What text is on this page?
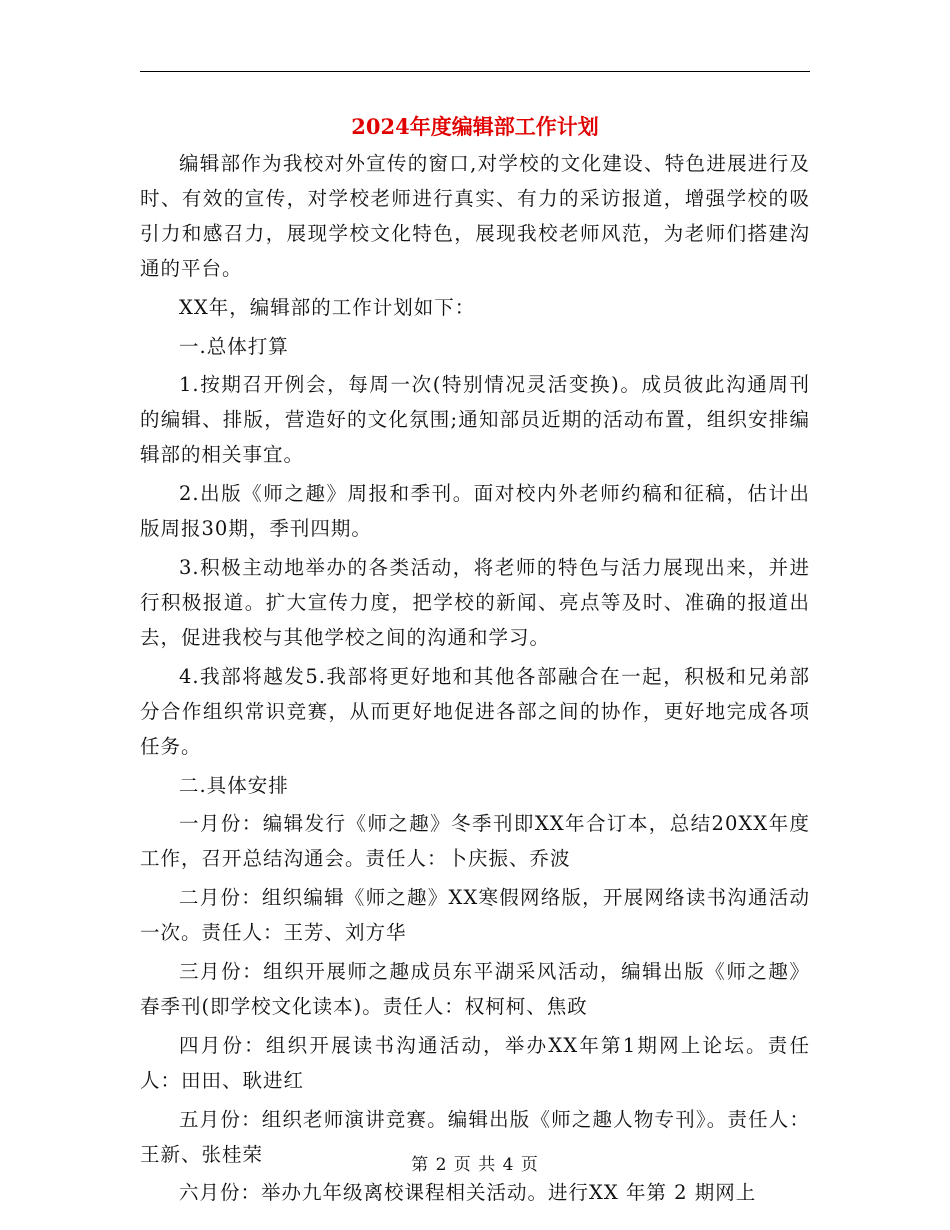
2024年度编辑部工作计划

编辑部作为我校对外宣传的窗口,对学校的文化建设、特色进展进行及时、有效的宣传，对学校老师进行真实、有力的采访报道，增强学校的吸引力和感召力，展现学校文化特色，展现我校老师风范，为老师们搭建沟通的平台。

XX年，编辑部的工作计划如下：

一.总体打算

1.按期召开例会，每周一次(特别情况灵活变换)。成员彼此沟通周刊的编辑、排版，营造好的文化氛围;通知部员近期的活动布置，组织安排编辑部的相关事宜。

2.出版《师之趣》周报和季刊。面对校内外老师约稿和征稿，估计出版周报30期，季刊四期。

3.积极主动地举办的各类活动，将老师的特色与活力展现出来，并进行积极报道。扩大宣传力度，把学校的新闻、亮点等及时、准确的报道出去，促进我校与其他学校之间的沟通和学习。

4.我部将越发5.我部将更好地和其他各部融合在一起，积极和兄弟部分合作组织常识竞赛，从而更好地促进各部之间的协作，更好地完成各项任务。

二.具体安排

一月份：编辑发行《师之趣》冬季刊即XX年合订本，总结20XX年度工作，召开总结沟通会。责任人：卜庆振、乔波

二月份：组织编辑《师之趣》XX寒假网络版，开展网络读书沟通活动一次。责任人：王芳、刘方华

三月份：组织开展师之趣成员东平湖采风活动，编辑出版《师之趣》春季刊(即学校文化读本)。责任人：权柯柯、焦政

四月份：组织开展读书沟通活动，举办XX年第1期网上论坛。责任人：田田、耿进红

五月份：组织老师演讲竞赛。编辑出版《师之趣人物专刊》。责任人：王新、张桂荣

六月份：举办九年级离校课程相关活动。进行XX 年第 2 期网上

第 2 页 共 4 页
